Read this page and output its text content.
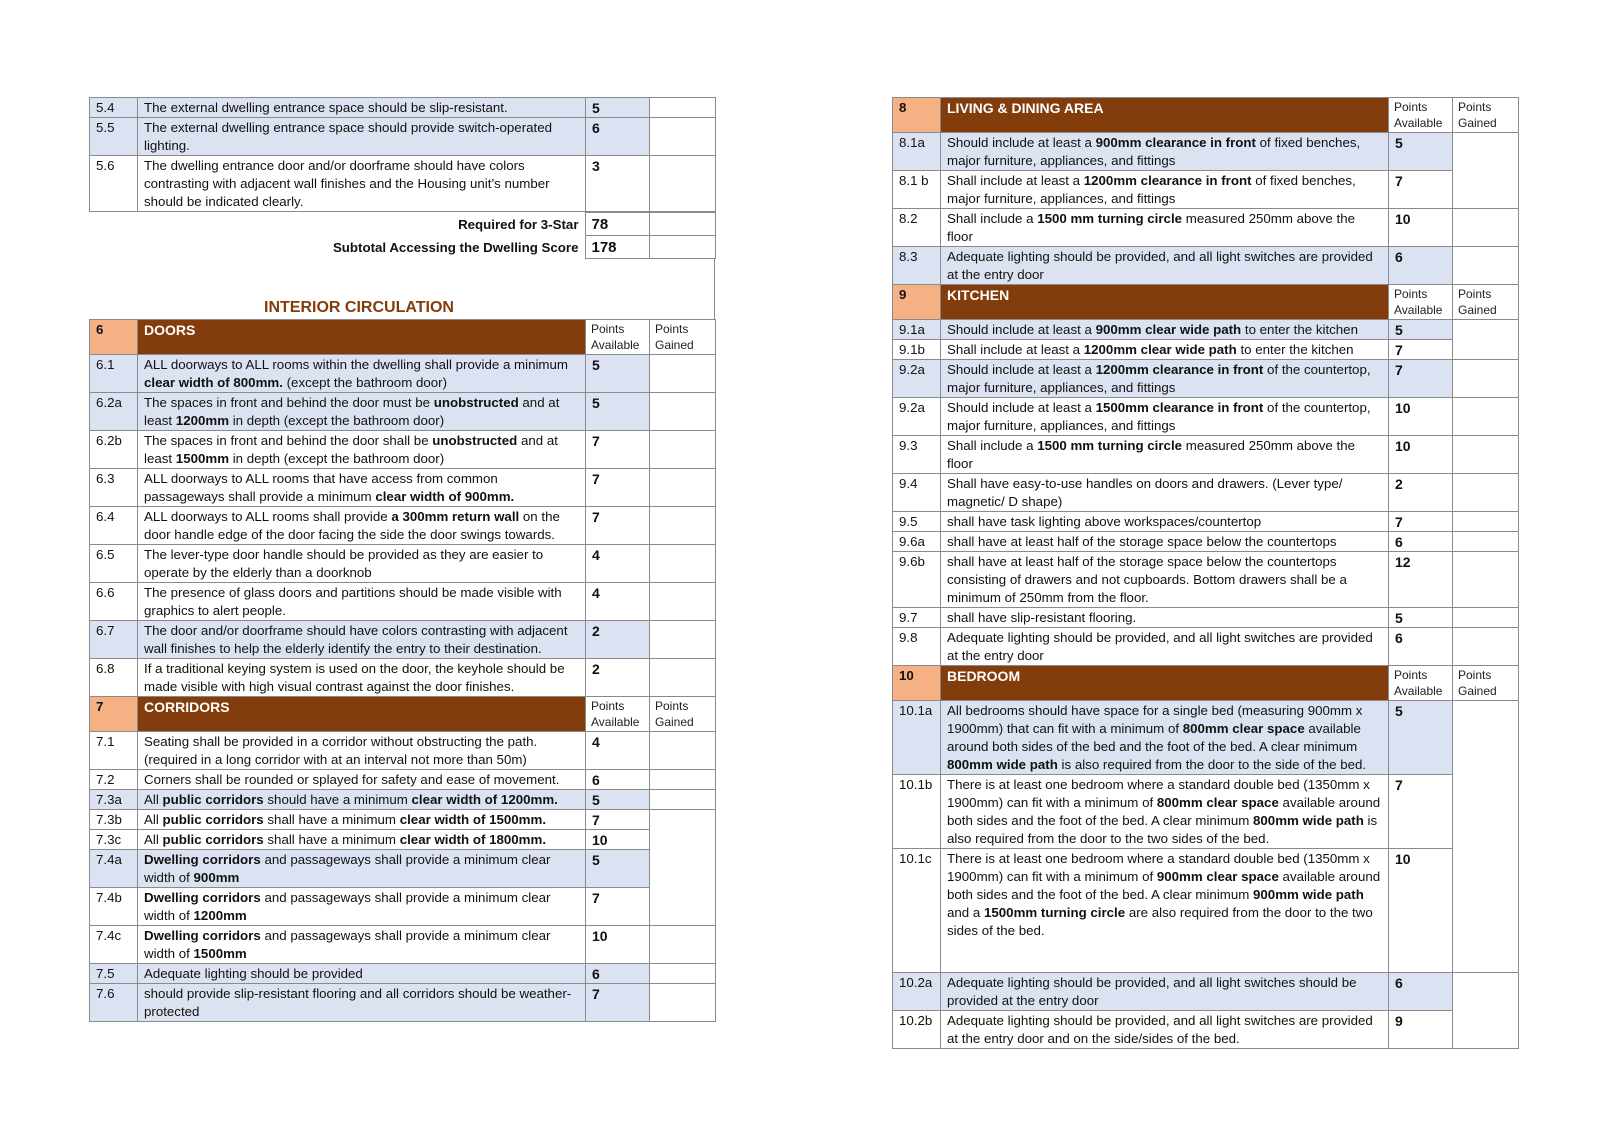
5.4	The external dwelling entrance space should be slip-resistant.	5	
5.5	The external dwelling entrance space should provide switch-operated lighting.	6	
5.6	The dwelling entrance door and/or doorframe should have colors contrasting with adjacent wall finishes and the Housing unit’s number should be indicated clearly.	3	
Required for 3-Star	78	
Subtotal Accessing the Dwelling Score	178	
INTERIOR CIRCULATION
6	DOORS	Points Available	Points Gained
6.1	ALL doorways to ALL rooms within the dwelling shall provide a minimum clear width of 800mm. (except the bathroom door)	5	
6.2a	The spaces in front and behind the door must be unobstructed and at least 1200mm in depth (except the bathroom door)	5	
6.2b	The spaces in front and behind the door shall be unobstructed and at least 1500mm in depth (except the bathroom door)	7	
6.3	ALL doorways to ALL rooms that have access from common passageways shall provide a minimum clear width of 900mm.	7	
6.4	ALL doorways to ALL rooms shall provide a 300mm return wall on the door handle edge of the door facing the side the door swings towards.	7	
6.5	The lever-type door handle should be provided as they are easier to operate by the elderly than a doorknob	4	
6.6	The presence of glass doors and partitions should be made visible with graphics to alert people.	4	
6.7	The door and/or doorframe should have colors contrasting with adjacent wall finishes to help the elderly identify the entry to their destination.	2	
6.8	If a traditional keying system is used on the door, the keyhole should be made visible with high visual contrast against the door finishes.	2	
7	CORRIDORS	Points Available	Points Gained
7.1	Seating shall be provided in a corridor without obstructing the path. (required in a long corridor with at an interval not more than 50m)	4	
7.2	Corners shall be rounded or splayed for safety and ease of movement.	6	
7.3a	All public corridors should have a minimum clear width of 1200mm.	5	
7.3b	All public corridors shall have a minimum clear width of 1500mm.	7	
7.3c	All public corridors shall have a minimum clear width of 1800mm.	10	
7.4a	Dwelling corridors and passageways shall provide a minimum clear width of 900mm	5	
7.4b	Dwelling corridors and passageways shall provide a minimum clear width of 1200mm	7	
7.4c	Dwelling corridors and passageways shall provide a minimum clear width of 1500mm	10	
7.5	Adequate lighting should be provided	6	
7.6	should provide slip-resistant flooring and all corridors should be weather-protected	7	
8	LIVING & DINING AREA	Points Available	Points Gained
8.1a	Should include at least a 900mm clearance in front of fixed benches, major furniture, appliances, and fittings	5	
8.1 b	Shall include at least a 1200mm clearance in front of fixed benches, major furniture, appliances, and fittings	7	
8.2	Shall include a 1500 mm turning circle measured 250mm above the floor	10	
8.3	Adequate lighting should be provided, and all light switches are provided at the entry door	6	
9	KITCHEN	Points Available	Points Gained
9.1a	Should include at least a 900mm clear wide path to enter the kitchen	5	
9.1b	Shall include at least a 1200mm clear wide path to enter the kitchen	7	
9.2a	Should include at least a 1200mm clearance in front of the countertop, major furniture, appliances, and fittings	7	
9.2a	Should include at least a 1500mm clearance in front of the countertop, major furniture, appliances, and fittings	10	
9.3	Shall include a 1500 mm turning circle measured 250mm above the floor	10	
9.4	Shall have easy-to-use handles on doors and drawers. (Lever type/ magnetic/ D shape)	2	
9.5	shall have task lighting above workspaces/countertop	7	
9.6a	shall have at least half of the storage space below the countertops	6	
9.6b	shall have at least half of the storage space below the countertops consisting of drawers and not cupboards. Bottom drawers shall be a minimum of 250mm from the floor.	12	
9.7	shall have slip-resistant flooring.	5	
9.8	Adequate lighting should be provided, and all light switches are provided at the entry door	6	
10	BEDROOM	Points Available	Points Gained
10.1a	All bedrooms should have space for a single bed (measuring 900mm x 1900mm) that can fit with a minimum of 800mm clear space available around both sides of the bed and the foot of the bed. A clear minimum 800mm wide path is also required from the door to the side of the bed.	5	
10.1b	There is at least one bedroom where a standard double bed (1350mm x 1900mm) can fit with a minimum of 800mm clear space available around both sides and the foot of the bed. A clear minimum 800mm wide path is also required from the door to the two sides of the bed.	7	
10.1c	There is at least one bedroom where a standard double bed (1350mm x 1900mm) can fit with a minimum of 900mm clear space available around both sides and the foot of the bed. A clear minimum 900mm wide path and a 1500mm turning circle are also required from the door to the two sides of the bed.	10	
10.2a	Adequate lighting should be provided, and all light switches should be provided at the entry door	6	
10.2b	Adequate lighting should be provided, and all light switches are provided at the entry door and on the side/sides of the bed.	9	
